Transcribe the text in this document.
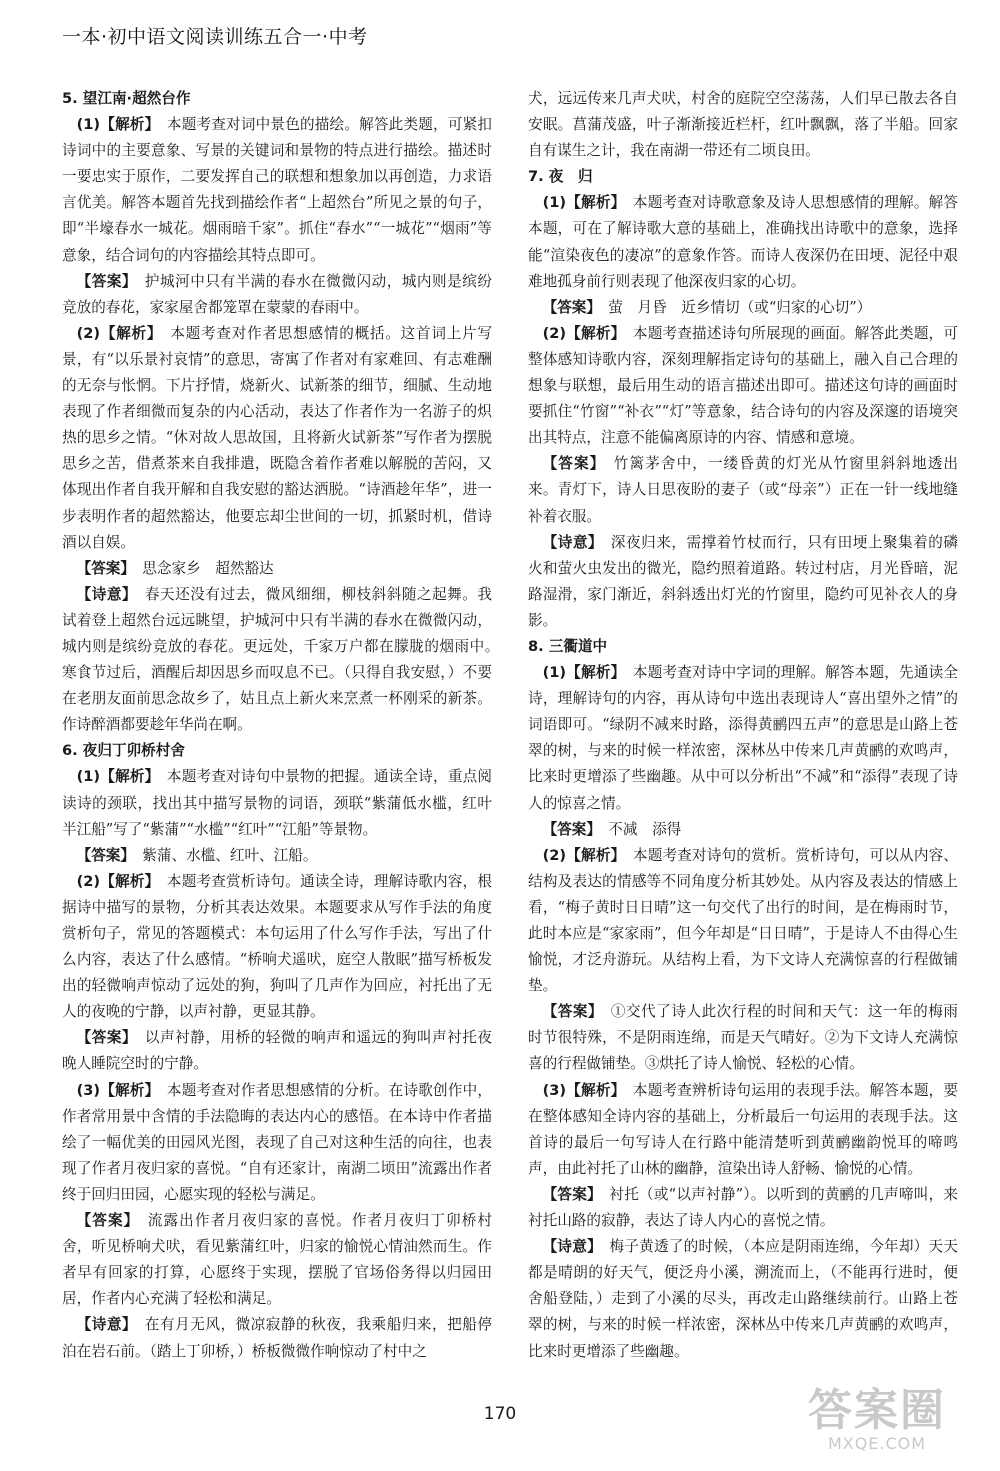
一本·初中语文阅读训练五合一·中考
5. 望江南·超然台作

(1)【解析】  本题考查对词中景色的描绘。解答此类题，可紧扣诗词中的主要意象、写景的关键词和景物的特点进行描绘。描述时一要忠实于原作，二要发挥自己的联想和想象加以再创造，力求语言优美。解答本题首先找到描绘作者“上超然台”所见之景的句子，即“半壕春水一城花。烟雨暗千家”。抓住“春水”“一城花”“烟雨”等意象，结合词句的内容描绘其特点即可。

【答案】  护城河中只有半满的春水在微微闪动，城内则是缤纷竞放的春花，家家屋舍都笼罩在蒙蒙的春雨中。

(2)【解析】  本题考查对作者思想感情的概括。这首词上片写景，有“以乐景衬哀情”的意思，寄寓了作者对有家难回、有志难酬的无奈与怅惘。下片抒情，烧新火、试新茶的细节，细腻、生动地表现了作者细微而复杂的内心活动，表达了作者作为一名游子的炽热的思乡之情。“休对故人思故国，且将新火试新茶”写作者为摆脱思乡之苦，借煮茶来自我排遣，既隐含着作者难以解脱的苦闷，又体现出作者自我开解和自我安慰的豁达洒脱。“诗酒趁年华”，进一步表明作者的超然豁达，他要忘却尘世间的一切，抓紧时机，借诗酒以自娱。

【答案】  思念家乡　超然豁达

【诗意】  春天还没有过去，微风细细，柳枝斜斜随之起舞。我试着登上超然台远远眺望，护城河中只有半满的春水在微微闪动，城内则是缤纷竞放的春花。更远处，千家万户都在朦胧的烟雨中。　　寒食节过后，酒醒后却因思乡而叹息不已。（只得自我安慰，）不要在老朋友面前思念故乡了，姑且点上新火来烹煮一杯刚采的新茶。作诗醉酒都要趁年华尚在啊。

6. 夜归丁卯桥村舍

(1)【解析】  本题考查对诗句中景物的把握。通读全诗，重点阅读诗的颈联，找出其中描写景物的词语，颈联“紫蒲低水槛，红叶半江船”写了“紫蒲”“水槛”“红叶”“江船”等景物。

【答案】  紫蒲、水槛、红叶、江船。

(2)【解析】  本题考查赏析诗句。通读全诗，理解诗歌内容，根据诗中描写的景物，分析其表达效果。本题要求从写作手法的角度赏析句子，常见的答题模式：本句运用了什么写作手法，写出了什么内容，表达了什么感情。“桥响犬遥吠，庭空人散眠”描写桥板发出的轻微响声惊动了远处的狗，狗叫了几声作为回应，衬托出了无人的夜晚的宁静，以声衬静，更显其静。

【答案】  以声衬静，用桥的轻微的响声和遥远的狗叫声衬托夜晚人睡院空时的宁静。

(3)【解析】  本题考查对作者思想感情的分析。在诗歌创作中，作者常用景中含情的手法隐晦的表达内心的感悟。在本诗中作者描绘了一幅优美的田园风光图，表现了自己对这种生活的向往，也表现了作者月夜归家的喜悦。“自有还家计，南湖二顷田”流露出作者终于回归田园，心愿实现的轻松与满足。

【答案】  流露出作者月夜归家的喜悦。作者月夜归丁卯桥村舍，听见桥响犬吠，看见紫蒲红叶，归家的愉悦心情油然而生。作者早有回家的打算，心愿终于实现，摆脱了官场俗务得以归园田居，作者内心充满了轻松和满足。

【诗意】  在有月无风，微凉寂静的秋夜，我乘船归来，把船停泊在岩石前。（踏上丁卯桥，）桥板微微作响惊动了村中之

犬，远远传来几声犬吠，村舍的庭院空空荡荡，人们早已散去各自安眠。菖蒲茂盛，叶子渐渐接近栏杆，红叶飘飘，落了半船。回家自有谋生之计，我在南湖一带还有二顷良田。

7. 夜　归

(1)【解析】  本题考查对诗歌意象及诗人思想感情的理解。解答本题，可在了解诗歌大意的基础上，准确找出诗歌中的意象，选择能“渲染夜色的凄凉”的意象作答。而诗人夜深仍在田埂、泥径中艰难地孤身前行则表现了他深夜归家的心切。

【答案】  萤　月昏　近乡情切（或“归家的心切”）

(2)【解析】  本题考查描述诗句所展现的画面。解答此类题，可整体感知诗歌内容，深刻理解指定诗句的基础上，融入自己合理的想象与联想，最后用生动的语言描述出即可。描述这句诗的画面时要抓住“竹窗”“补衣”“灯”等意象，结合诗句的内容及深邃的语境突出其特点，注意不能偏离原诗的内容、情感和意境。

【答案】  竹篱茅舍中，一缕昏黄的灯光从竹窗里斜斜地透出来。青灯下，诗人日思夜盼的妻子（或“母亲”）正在一针一线地缝补着衣服。

【诗意】  深夜归来，需撑着竹杖而行，只有田埂上聚集着的磷火和萤火虫发出的微光，隐约照着道路。转过村店，月光昏暗，泥路湿滑，家门渐近，斜斜透出灯光的竹窗里，隐约可见补衣人的身影。

8. 三衢道中

(1)【解析】  本题考查对诗中字词的理解。解答本题，先通读全诗，理解诗句的内容，再从诗句中选出表现诗人“喜出望外之情”的词语即可。“绿阴不减来时路，添得黄鹂四五声”的意思是山路上苍翠的树，与来的时候一样浓密，深林丛中传来几声黄鹂的欢鸣声，比来时更增添了些幽趣。从中可以分析出“不减”和“添得”表现了诗人的惊喜之情。

【答案】  不减　添得

(2)【解析】  本题考查对诗句的赏析。赏析诗句，可以从内容、结构及表达的情感等不同角度分析其妙处。从内容及表达的情感上看，“梅子黄时日日晴”这一句交代了出行的时间，是在梅雨时节，此时本应是“家家雨”，但今年却是“日日晴”，于是诗人不由得心生愉悦，才泛舟游玩。从结构上看，为下文诗人充满惊喜的行程做铺垫。

【答案】  ①交代了诗人此次行程的时间和天气：这一年的梅雨时节很特殊，不是阴雨连绵，而是天气晴好。②为下文诗人充满惊喜的行程做铺垫。③烘托了诗人愉悦、轻松的心情。

(3)【解析】  本题考查辨析诗句运用的表现手法。解答本题，要在整体感知全诗内容的基础上，分析最后一句运用的表现手法。这首诗的最后一句写诗人在行路中能清楚听到黄鹂幽韵悦耳的啼鸣声，由此衬托了山林的幽静，渲染出诗人舒畅、愉悦的心情。

【答案】  衬托（或“以声衬静”）。以听到的黄鹂的几声啼叫，来衬托山路的寂静，表达了诗人内心的喜悦之情。

【诗意】  梅子黄透了的时候，（本应是阴雨连绵，今年却）天天都是晴朗的好天气，便泛舟小溪，溯流而上，（不能再行进时，便舍船登陆，）走到了小溪的尽头，再改走山路继续前行。山路上苍翠的树，与来的时候一样浓密，深林丛中传来几声黄鹂的欢鸣声，比来时更增添了些幽趣。

170	答案圈
MXQE.COM
